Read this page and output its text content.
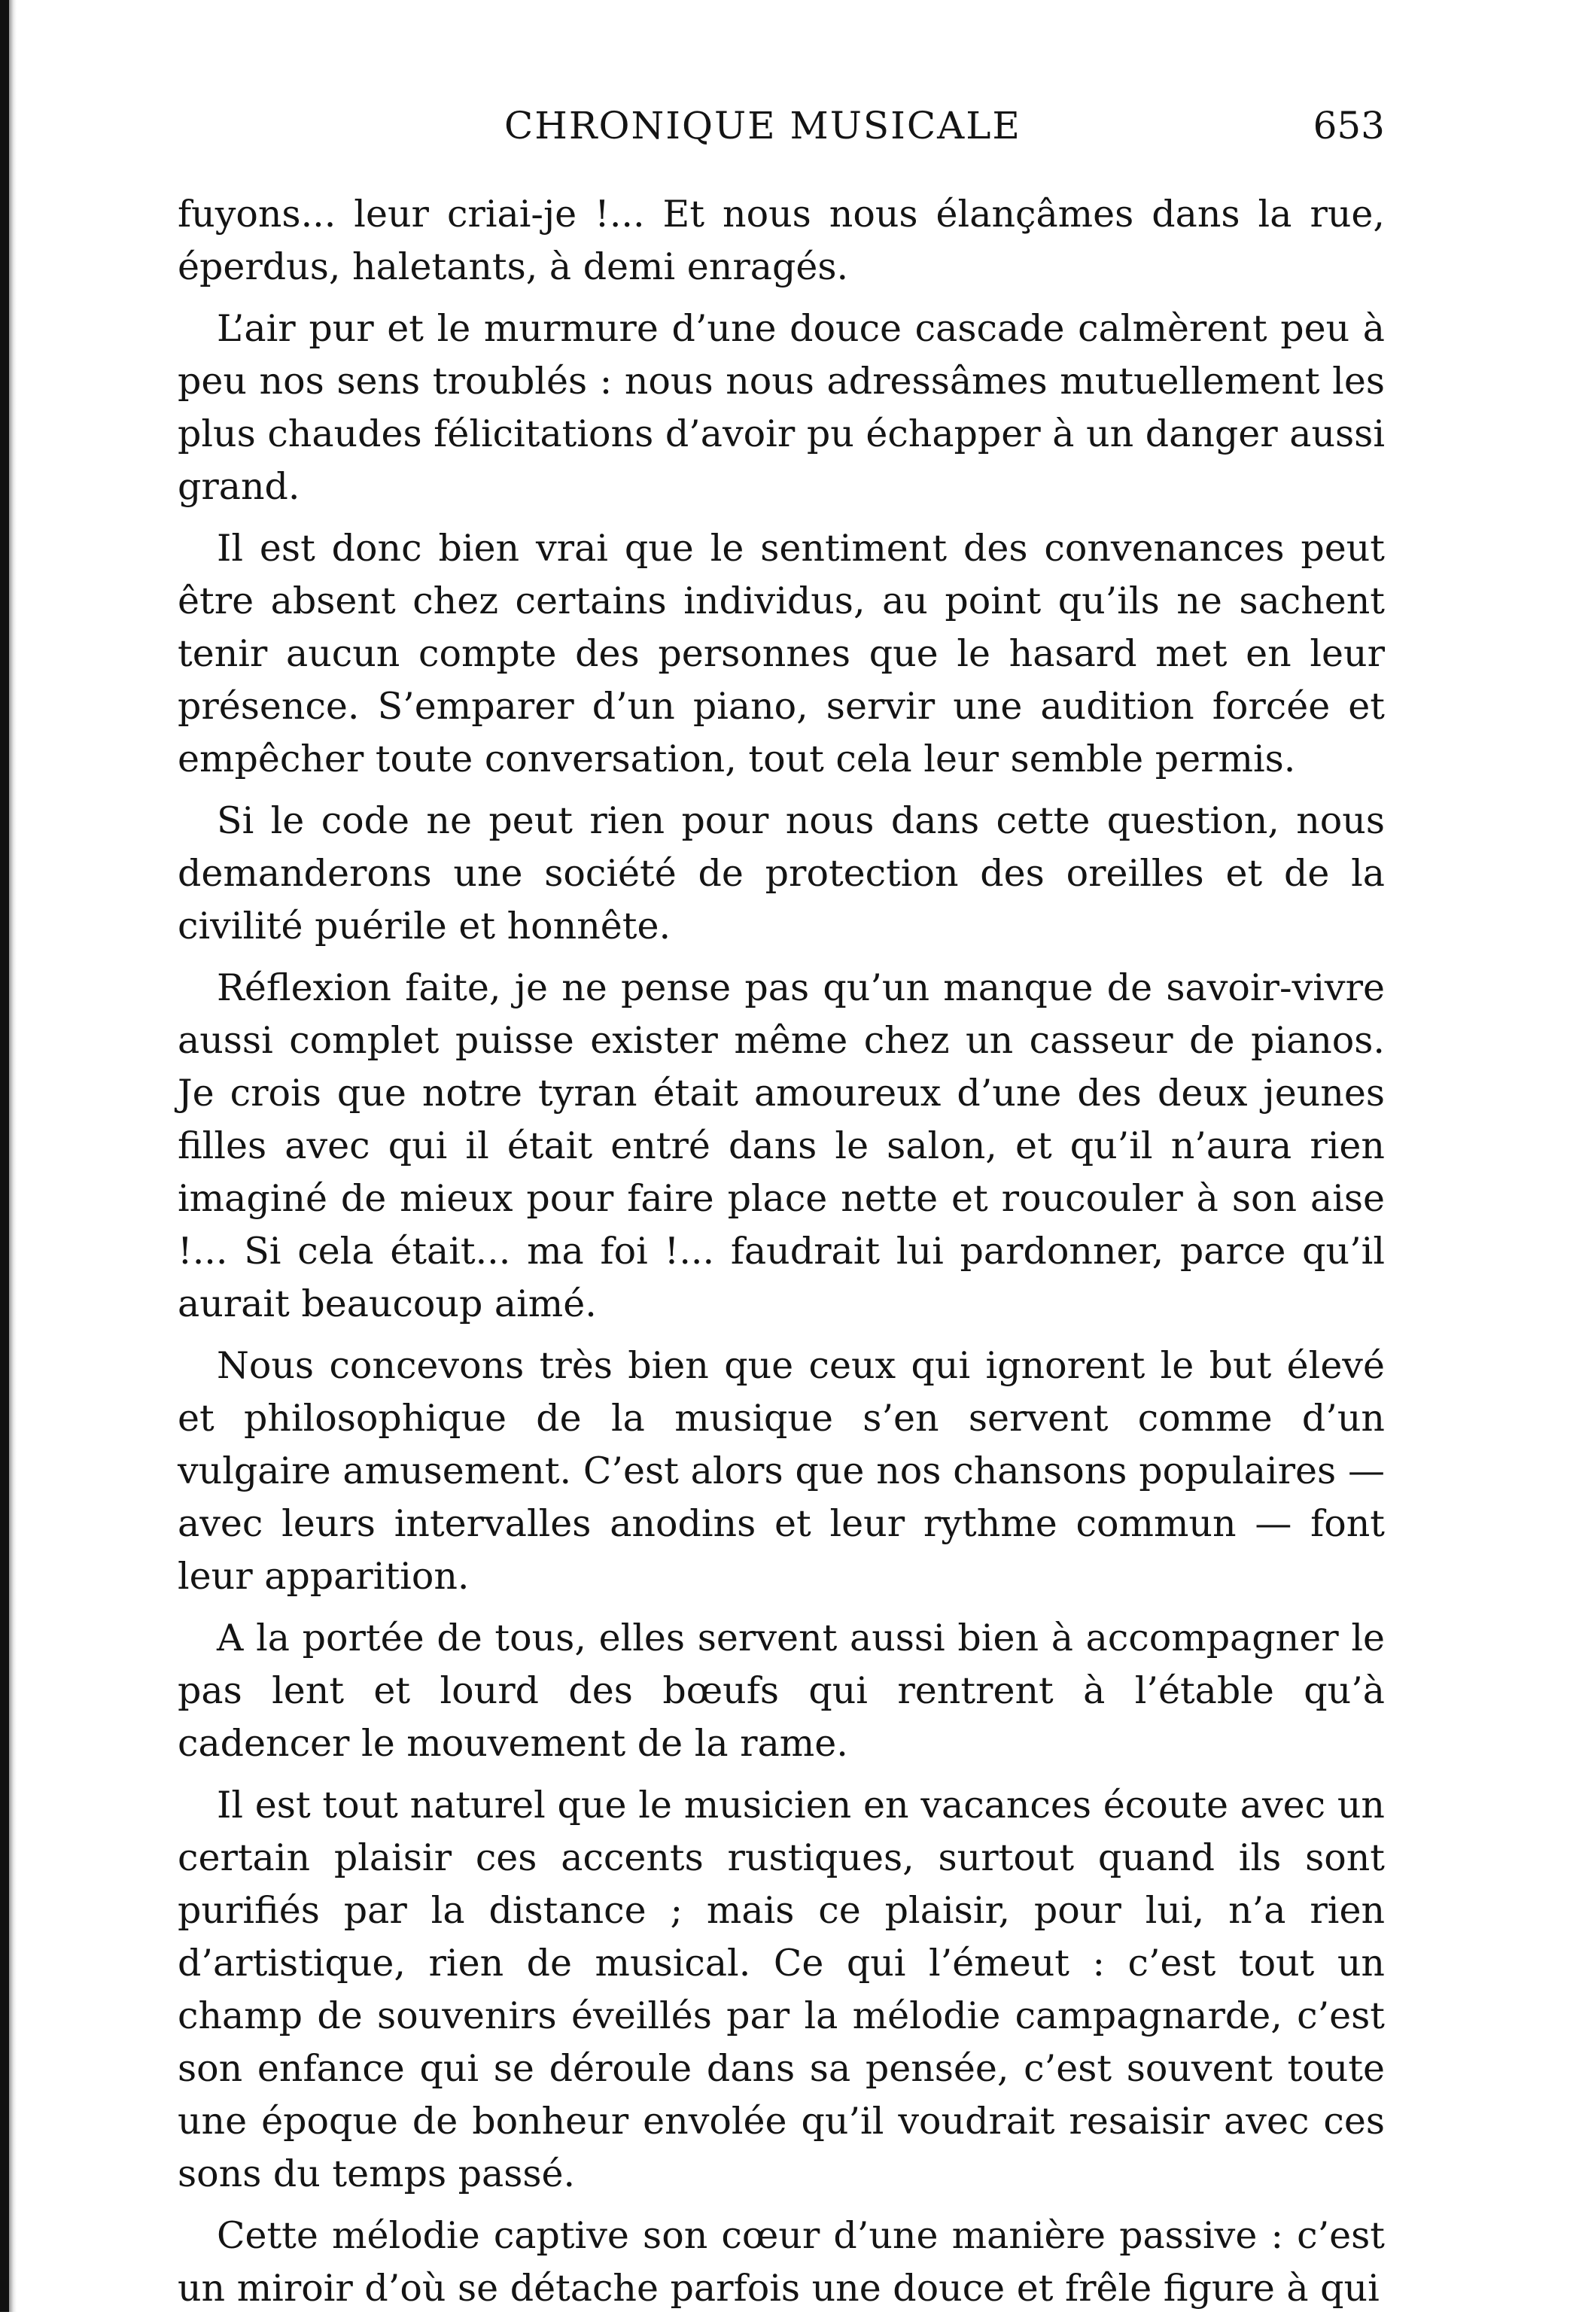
CHRONIQUE MUSICALE	653

fuyons... leur criai-je !... Et nous nous élançâmes dans la rue, éperdus, haletants, à demi enragés.

L’air pur et le murmure d’une douce cascade calmèrent peu à peu nos sens troublés : nous nous adressâmes mutuellement les plus chaudes félicitations d’avoir pu échapper à un danger aussi grand.

Il est donc bien vrai que le sentiment des convenances peut être absent chez certains individus, au point qu’ils ne sachent tenir aucun compte des personnes que le hasard met en leur présence. S’emparer d’un piano, servir une audition forcée et empêcher toute conversation, tout cela leur semble permis.

Si le code ne peut rien pour nous dans cette question, nous demanderons une société de protection des oreilles et de la civilité puérile et honnête.

Réflexion faite, je ne pense pas qu’un manque de savoir-vivre aussi complet puisse exister même chez un casseur de pianos. Je crois que notre tyran était amoureux d’une des deux jeunes filles avec qui il était entré dans le salon, et qu’il n’aura rien imaginé de mieux pour faire place nette et roucouler à son aise !... Si cela était... ma foi !... faudrait lui pardonner, parce qu’il aurait beaucoup aimé.

Nous concevons très bien que ceux qui ignorent le but élevé et philosophique de la musique s’en servent comme d’un vulgaire amusement. C’est alors que nos chansons populaires — avec leurs intervalles anodins et leur rythme commun — font leur apparition.

A la portée de tous, elles servent aussi bien à accompagner le pas lent et lourd des bœufs qui rentrent à l’étable qu’à cadencer le mouvement de la rame.

Il est tout naturel que le musicien en vacances écoute avec un certain plaisir ces accents rustiques, surtout quand ils sont purifiés par la distance ; mais ce plaisir, pour lui, n’a rien d’artistique, rien de musical. Ce qui l’émeut : c’est tout un champ de souvenirs éveillés par la mélodie campagnarde, c’est son enfance qui se déroule dans sa pensée, c’est souvent toute une époque de bonheur envolée qu’il voudrait resaisir avec ces sons du temps passé.

Cette mélodie captive son cœur d’une manière passive : c’est un miroir d’où se détache parfois une douce et frêle figure à qui
